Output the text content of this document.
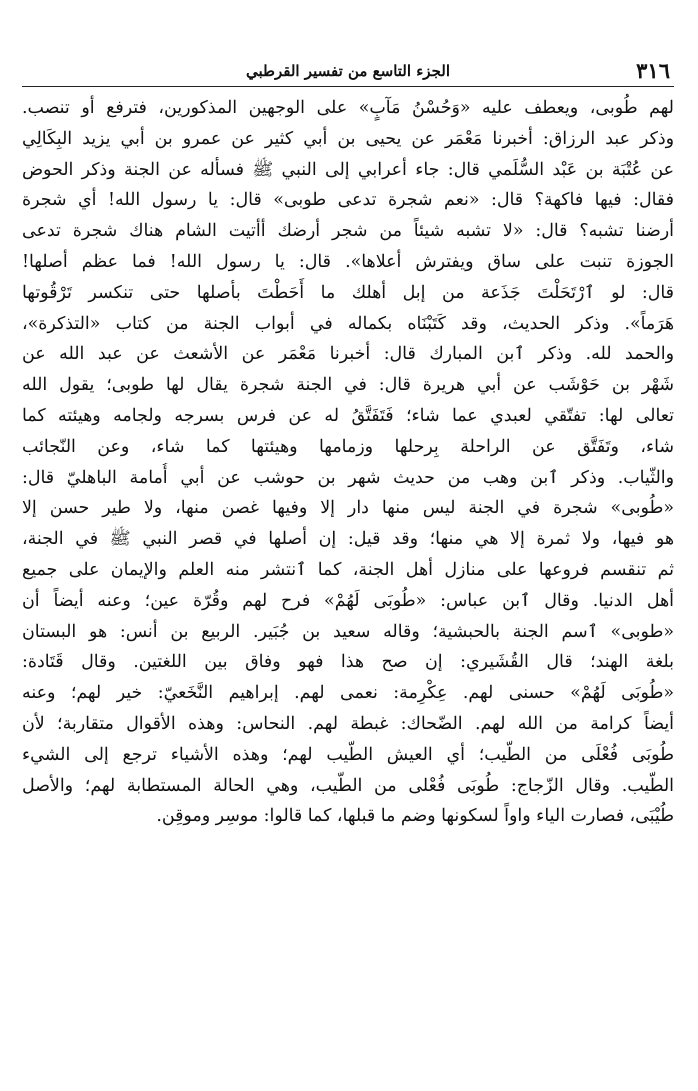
٣١٦
الجزء التاسع من تفسير القرطبي
لهم طُوبى، ويعطف عليه «وَحُسْنُ مَآبٍ» على الوجهين المذكورين، فترفع أو تنصب.
وذكر عبد الرزاق: أخبرنا مَعْمَر عن يحيى بن أبي كثير عن عمرو بن أبي يزيد البِكَالِي
عن عُتْبَة بن عَبْد السُّلَمي قال: جاء أعرابي إلى النبي ﷺ فسأله عن الجنة وذكر الحوض
فقال: فيها فاكهة؟ قال: «نعم شجرة تدعى طوبى» قال: يا رسول الله! أي شجرة
أرضنا تشبه؟ قال: «لا تشبه شيئاً من شجر أرضك أأتيت الشام هناك شجرة تدعى
الجوزة تنبت على ساق ويفترش أعلاها». قال: يا رسول الله! فما عظم أصلها!
قال: لو ٱرْتَحَلْتَ جَذَعة من إبل أهلك ما أَحَطْتَ بأصلها حتى تنكسر تَرْقُوتها
هَرَماً». وذكر الحديث، وقد كَتَبْنَاه بكماله في أبواب الجنة من كتاب «التذكرة»،
والحمد لله. وذكر ٱبن المبارك قال: أخبرنا مَعْمَر عن الأشعث عن عبد الله عن
شَهْر بن حَوْشَب عن أبي هريرة قال: في الجنة شجرة يقال لها طوبى؛ يقول الله
تعالى لها: تفتّقي لعبدي عما شاء؛ فَتَفَتَّقُ له عن فرس بسرجه ولجامه وهيئته كما
شاء، وتَفَتَّق عن الراحلة بِرحلها وزمامها وهيئتها كما شاء، وعن النّجائب
والثّياب. وذكر ٱبن وهب من حديث شهر بن حوشب عن أبي أُمامة الباهليّ قال:
«طُوبى» شجرة في الجنة ليس منها دار إلا وفيها غصن منها، ولا طير حسن إلا
هو فيها، ولا ثمرة إلا هي منها؛ وقد قيل: إن أصلها في قصر النبي ﷺ في الجنة،
ثم تنقسم فروعها على منازل أهل الجنة، كما ٱنتشر منه العلم والإيمان على جميع
أهل الدنيا. وقال ٱبن عباس: «طُوبَى لَهُمْ» فرح لهم وقُرّة عين؛ وعنه أيضاً أن
«طوبى» ٱسم الجنة بالحبشية؛ وقاله سعيد بن جُبَير. الربيع بن أنس: هو البستان
بلغة الهند؛ قال القُشَيري: إن صح هذا فهو وفاق بين اللغتين. وقال قَتَادة:
«طُوبَى لَهُمْ» حسنى لهم. عِكْرِمة: نعمى لهم. إبراهيم النَّخَعيّ: خير لهم؛ وعنه
أيضاً كرامة من الله لهم. الضّحاك: غبطة لهم. النحاس: وهذه الأقوال متقاربة؛ لأن
طُوبَى فُعْلَى من الطّيب؛ أي العيش الطّيب لهم؛ وهذه الأشياء ترجع إلى الشيء
الطّيب. وقال الزّجاج: طُوبَى فُعْلى من الطّيب، وهي الحالة المستطابة لهم؛ والأصل
طُيْبَى، فصارت الياء واواً لسكونها وضم ما قبلها، كما قالوا: موسِر وموقِن.
